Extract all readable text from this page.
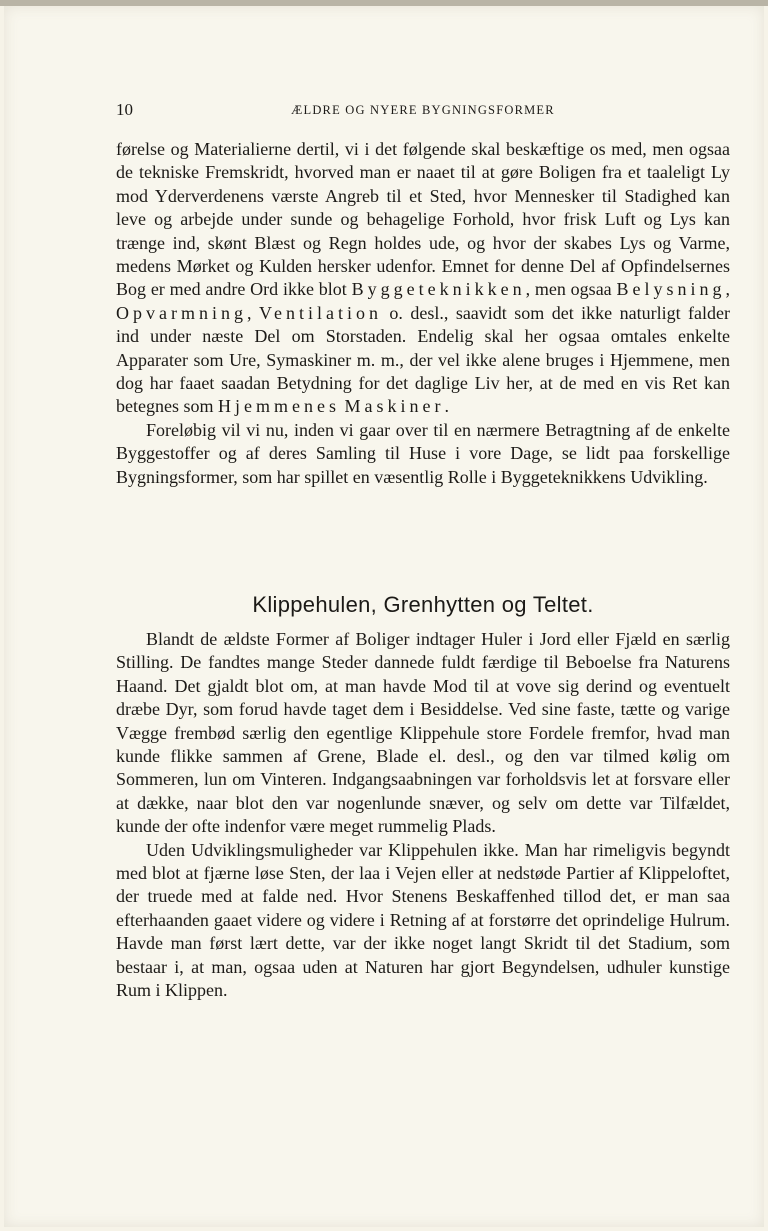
10	ÆLDRE OG NYERE BYGNINGSFORMER

førelse og Materialierne dertil, vi i det følgende skal beskæftige os med, men ogsaa de tekniske Fremskridt, hvorved man er naaet til at gøre Boligen fra et taaleligt Ly mod Yderverdenens værste Angreb til et Sted, hvor Mennesker til Stadighed kan leve og arbejde under sunde og behagelige Forhold, hvor frisk Luft og Lys kan trænge ind, skønt Blæst og Regn holdes ude, og hvor der skabes Lys og Varme, medens Mørket og Kulden hersker udenfor. Emnet for denne Del af Opfindelsernes Bog er med andre Ord ikke blot Byggeteknikken, men ogsaa Belysning, Opvarmning, Ventilation o. desl., saavidt som det ikke naturligt falder ind under næste Del om Storstaden. Endelig skal her ogsaa omtales enkelte Apparater som Ure, Symaskiner m. m., der vel ikke alene bruges i Hjemmene, men dog har faaet saadan Betydning for det daglige Liv her, at de med en vis Ret kan betegnes som Hjemmenes Maskiner.

Foreløbig vil vi nu, inden vi gaar over til en nærmere Betragtning af de enkelte Byggestoffer og af deres Samling til Huse i vore Dage, se lidt paa forskellige Bygningsformer, som har spillet en væsentlig Rolle i Byggeteknikkens Udvikling.

Klippehulen, Grenhytten og Teltet.

Blandt de ældste Former af Boliger indtager Huler i Jord eller Fjæld en særlig Stilling. De fandtes mange Steder dannede fuldt færdige til Beboelse fra Naturens Haand. Det gjaldt blot om, at man havde Mod til at vove sig derind og eventuelt dræbe Dyr, som forud havde taget dem i Besiddelse. Ved sine faste, tætte og varige Vægge frembød særlig den egentlige Klippehule store Fordele fremfor, hvad man kunde flikke sammen af Grene, Blade el. desl., og den var tilmed kølig om Sommeren, lun om Vinteren. Indgangsaabningen var forholdsvis let at forsvare eller at dække, naar blot den var nogenlunde snæver, og selv om dette var Tilfældet, kunde der ofte indenfor være meget rummelig Plads.

Uden Udviklingsmuligheder var Klippehulen ikke. Man har rimeligvis begyndt med blot at fjærne løse Sten, der laa i Vejen eller at nedstøde Partier af Klippeloftet, der truede med at falde ned. Hvor Stenens Beskaffenhed tillod det, er man saa efterhaanden gaaet videre og videre i Retning af at forstørre det oprindelige Hulrum. Havde man først lært dette, var der ikke noget langt Skridt til det Stadium, som bestaar i, at man, ogsaa uden at Naturen har gjort Begyndelsen, udhuler kunstige Rum i Klippen.
